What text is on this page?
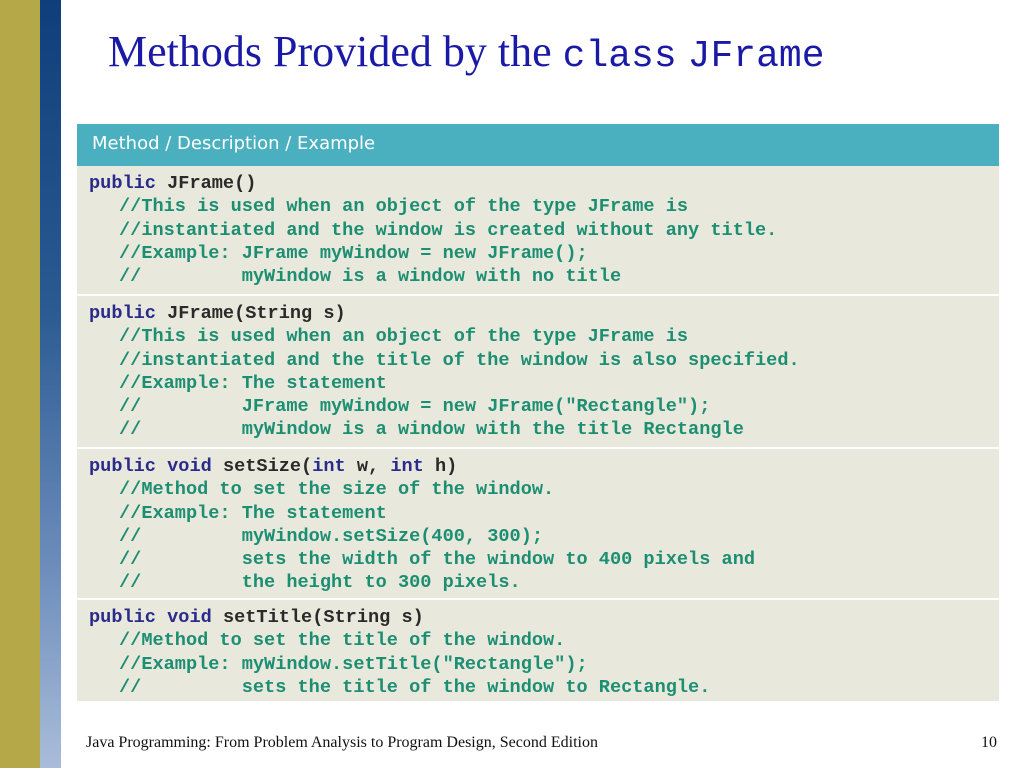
Methods Provided by the class JFrame
Method / Description / Example
public JFrame()
//This is used when an object of the type JFrame is
//instantiated and the window is created without any title.
//Example: JFrame myWindow = new JFrame();
//         myWindow is a window with no title
public JFrame(String s)
//This is used when an object of the type JFrame is
//instantiated and the title of the window is also specified.
//Example: The statement
//         JFrame myWindow = new JFrame("Rectangle");
//         myWindow is a window with the title Rectangle
public void setSize(int w, int h)
//Method to set the size of the window.
//Example: The statement
//         myWindow.setSize(400, 300);
//         sets the width of the window to 400 pixels and
//         the height to 300 pixels.
public void setTitle(String s)
//Method to set the title of the window.
//Example: myWindow.setTitle("Rectangle");
//         sets the title of the window to Rectangle.
Java Programming: From Problem Analysis to Program Design, Second Edition	10
